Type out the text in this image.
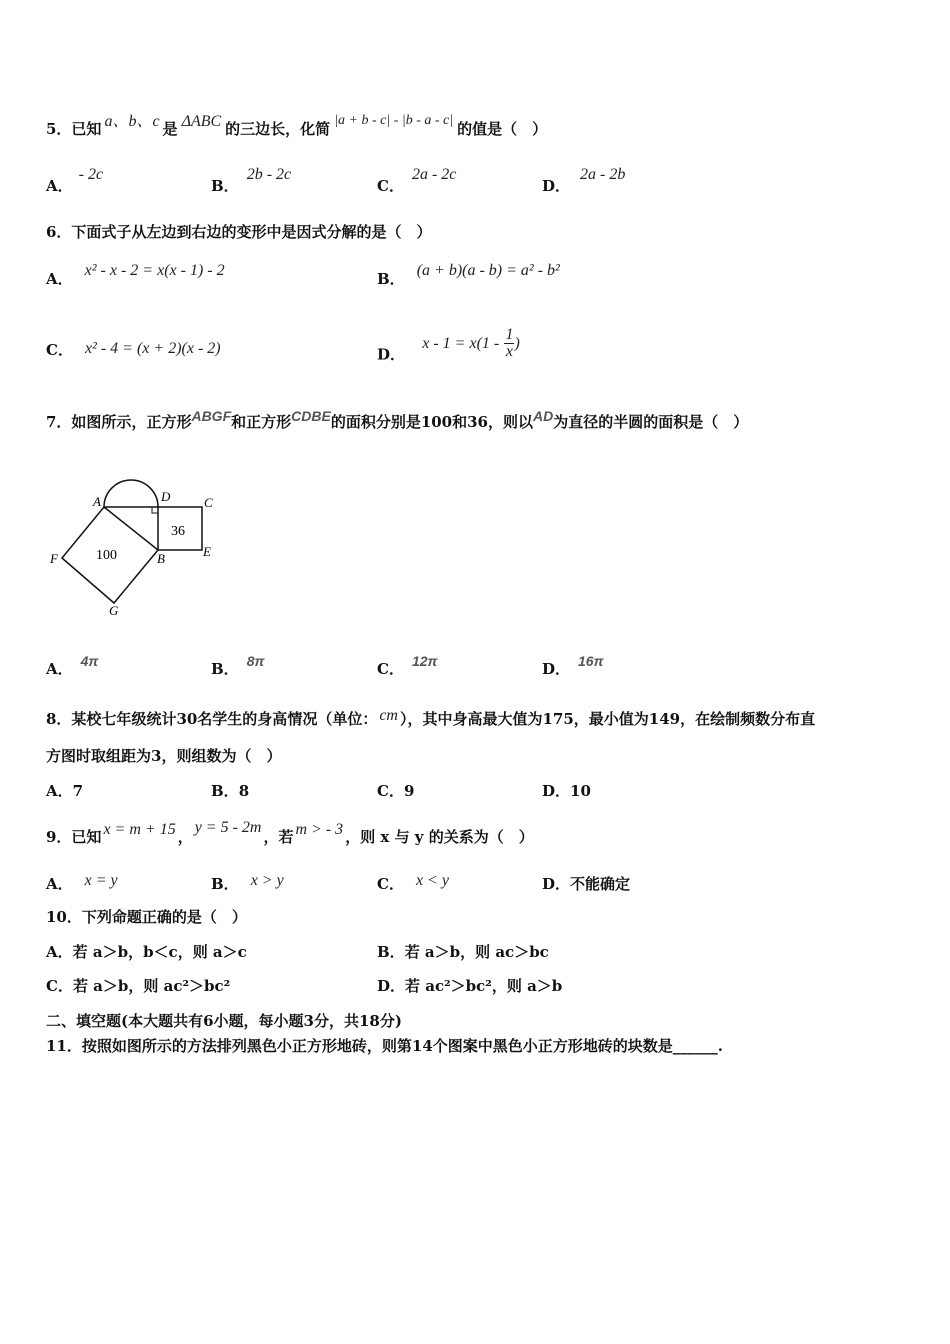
5．已知 a、b、c 是 ΔABC 的三边长，化简 |a + b - c| - |b - a - c| 的值是（　）
A．- 2c
B．2b - 2c
C．2a - 2c
D．2a - 2b
6．下面式子从左边到右边的变形中是因式分解的是（　）
A． x² - x - 2 = x(x - 1) - 2	B． (a + b)(a - b) = a² - b²
C． x² - 4 = (x + 2)(x - 2)	D． $x - 1 = x(1 - \frac{1}{x}$ )
7．如图所示，正方形ABGF和正方形CDBE的面积分别是100和36，则以AD为直径的半圆的面积是（　）
A	D	C
F	B	E
G
100
36
A． 4π	B． 8π	C． 12π	D． 16π
8．某校七年级统计30名学生的身高情况（单位： cm ），其中身高最大值为175，最小值为149，在绘制频数分布直
方图时取组距为3，则组数为（　）
A．7	B．8	C．9	D．10
9．已知 x = m + 15 ，y = 5 - 2m，若 m > - 3 ，则 x 与 y 的关系为（　）
A． x = y	B． x > y	C． x < y	D．不能确定
10．下列命题正确的是（　）
A．若 a＞b，b＜c，则 a＞c	B．若 a＞b，则 ac＞bc
C．若 a＞b，则 ac²＞bc²	D．若 ac²＞bc²，则 a＞b
二、填空题(本大题共有6小题，每小题3分，共18分)
11．按照如图所示的方法排列黑色小正方形地砖，则第14个图案中黑色小正方形地砖的块数是______.
